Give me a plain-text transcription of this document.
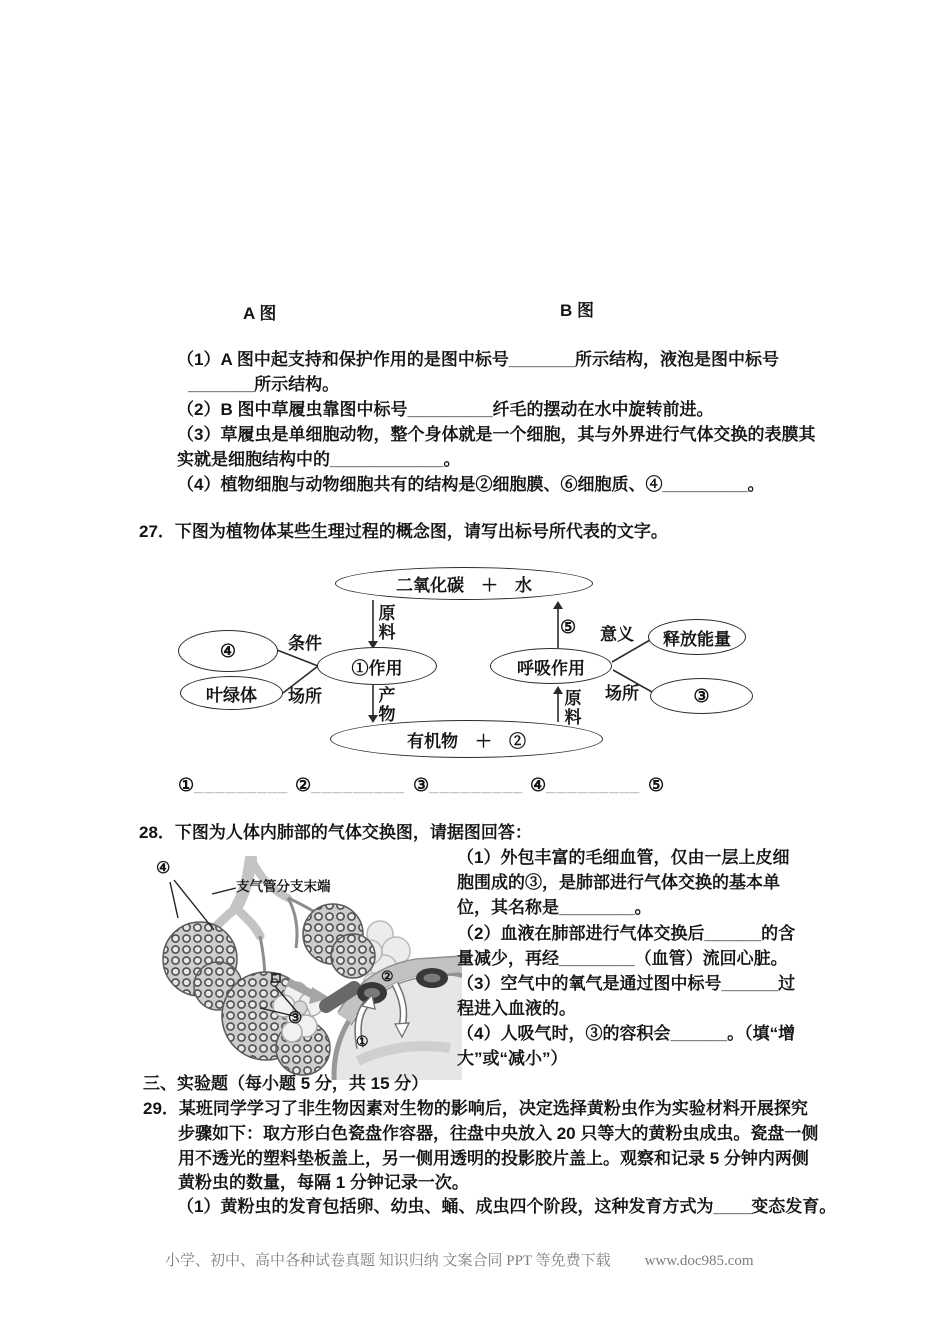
A 图	B 图
（1）A 图中起支持和保护作用的是图中标号_______所示结构，液泡是图中标号
_______所示结构。
（2）B 图中草履虫靠图中标号_________纤毛的摆动在水中旋转前进。
（3）草履虫是单细胞动物，整个身体就是一个细胞，其与外界进行气体交换的表膜其
实就是细胞结构中的____________。
（4）植物细胞与动物细胞共有的结构是②细胞膜、⑥细胞质、④_________。
27．下图为植物体某些生理过程的概念图，请写出标号所代表的文字。
二氧化碳　＋　水
④
叶绿体
①作用	呼吸作用
释放能量
③
有机物　＋　②
原料
条件
场所	产物
⑤ 意义
场所
原料
①_________ ②_________ ③_________ ④_________ ⑤
28．下图为人体内肺部的气体交换图，请据图回答：
④
支气管分支末端
③
②
①
（1）外包丰富的毛细血管，仅由一层上皮细
胞围成的③，是肺部进行气体交换的基本单
位，其名称是________。
（2）血液在肺部进行气体交换后______的含
量减少，再经________（血管）流回心脏。
（3）空气中的氧气是通过图中标号______过
程进入血液的。
（4）人吸气时，③的容积会______。（填“增
大”或“减小”）
三、实验题（每小题 5 分，共 15 分）
29．某班同学学习了非生物因素对生物的影响后，决定选择黄粉虫作为实验材料开展探究
步骤如下：取方形白色瓷盘作容器，往盘中央放入 20 只等大的黄粉虫成虫。瓷盘一侧
用不透光的塑料垫板盖上，另一侧用透明的投影胶片盖上。观察和记录 5 分钟内两侧
黄粉虫的数量，每隔 1 分钟记录一次。
（1）黄粉虫的发育包括卵、幼虫、蛹、成虫四个阶段，这种发育方式为____变态发育。
小学、初中、高中各种试卷真题 知识归纳 文案合同 PPT 等免费下载 www.doc985.com
